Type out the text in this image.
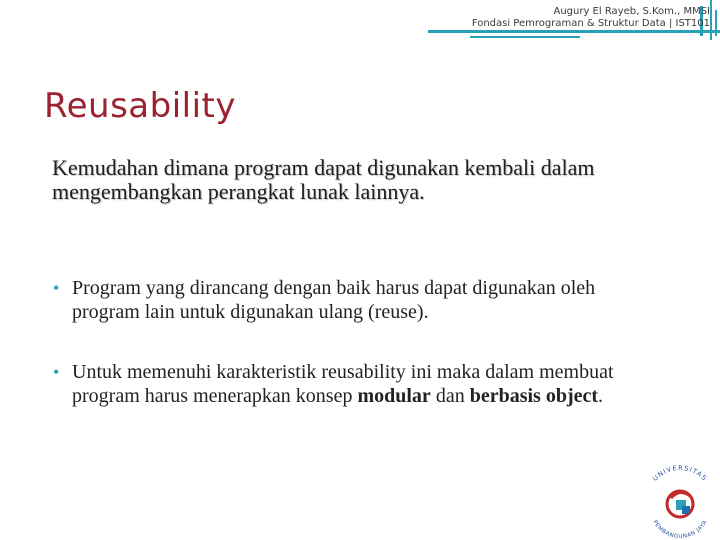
Augury El Rayeb, S.Kom., MMSI
Fondasi Pemrograman & Struktur Data | IST101
Reusability

Kemudahan dimana program dapat digunakan kembali dalam mengembangkan perangkat lunak lainnya.

• Program yang dirancang dengan baik harus dapat digunakan oleh program lain untuk digunakan ulang (reuse).
• Untuk memenuhi karakteristik reusability ini maka dalam membuat program harus menerapkan konsep modular dan berbasis object.
UNIVERSITAS
PEMBANGUNAN JAYA
